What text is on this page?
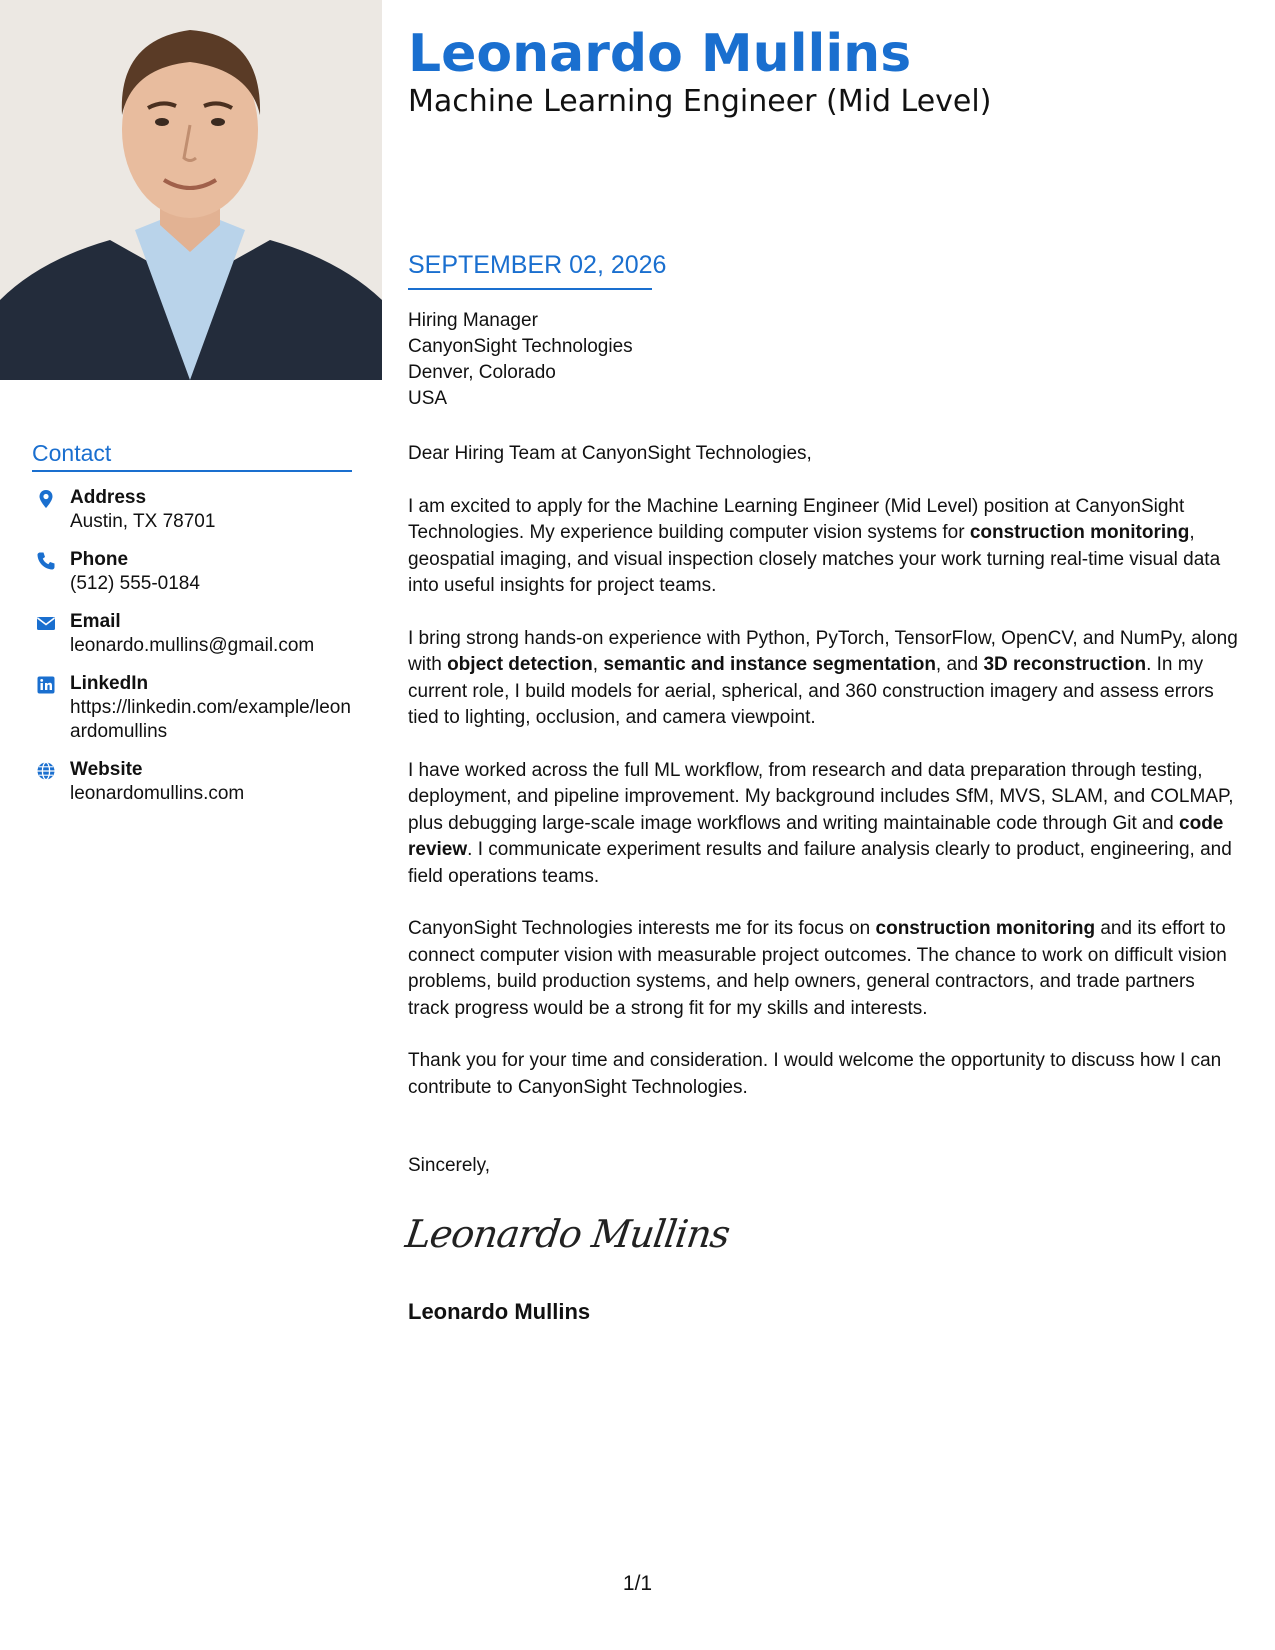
Leonardo Mullins
Machine Learning Engineer (Mid Level)
SEPTEMBER 02, 2026
Hiring Manager
CanyonSight Technologies
Denver, Colorado
USA

Dear Hiring Team at CanyonSight Technologies,

I am excited to apply for the Machine Learning Engineer (Mid Level) position at CanyonSight Technologies. My experience building computer vision systems for construction monitoring, geospatial imaging, and visual inspection closely matches your work turning real-time visual data into useful insights for project teams.

I bring strong hands-on experience with Python, PyTorch, TensorFlow, OpenCV, and NumPy, along with object detection, semantic and instance segmentation, and 3D reconstruction. In my current role, I build models for aerial, spherical, and 360 construction imagery and assess errors tied to lighting, occlusion, and camera viewpoint.

I have worked across the full ML workflow, from research and data preparation through testing, deployment, and pipeline improvement. My background includes SfM, MVS, SLAM, and COLMAP, plus debugging large-scale image workflows and writing maintainable code through Git and code review. I communicate experiment results and failure analysis clearly to product, engineering, and field operations teams.

CanyonSight Technologies interests me for its focus on construction monitoring and its effort to connect computer vision with measurable project outcomes. The chance to work on difficult vision problems, build production systems, and help owners, general contractors, and trade partners track progress would be a strong fit for my skills and interests.

Thank you for your time and consideration. I would welcome the opportunity to discuss how I can contribute to CanyonSight Technologies.

Sincerely,
Leonardo Mullins
Leonardo Mullins
Contact
Address
Austin, TX 78701
Phone
(512) 555-0184
Email
leonardo.mullins@gmail.com
LinkedIn
https://linkedin.com/example/leonardomullins
Website
leonardomullins.com
1/1
